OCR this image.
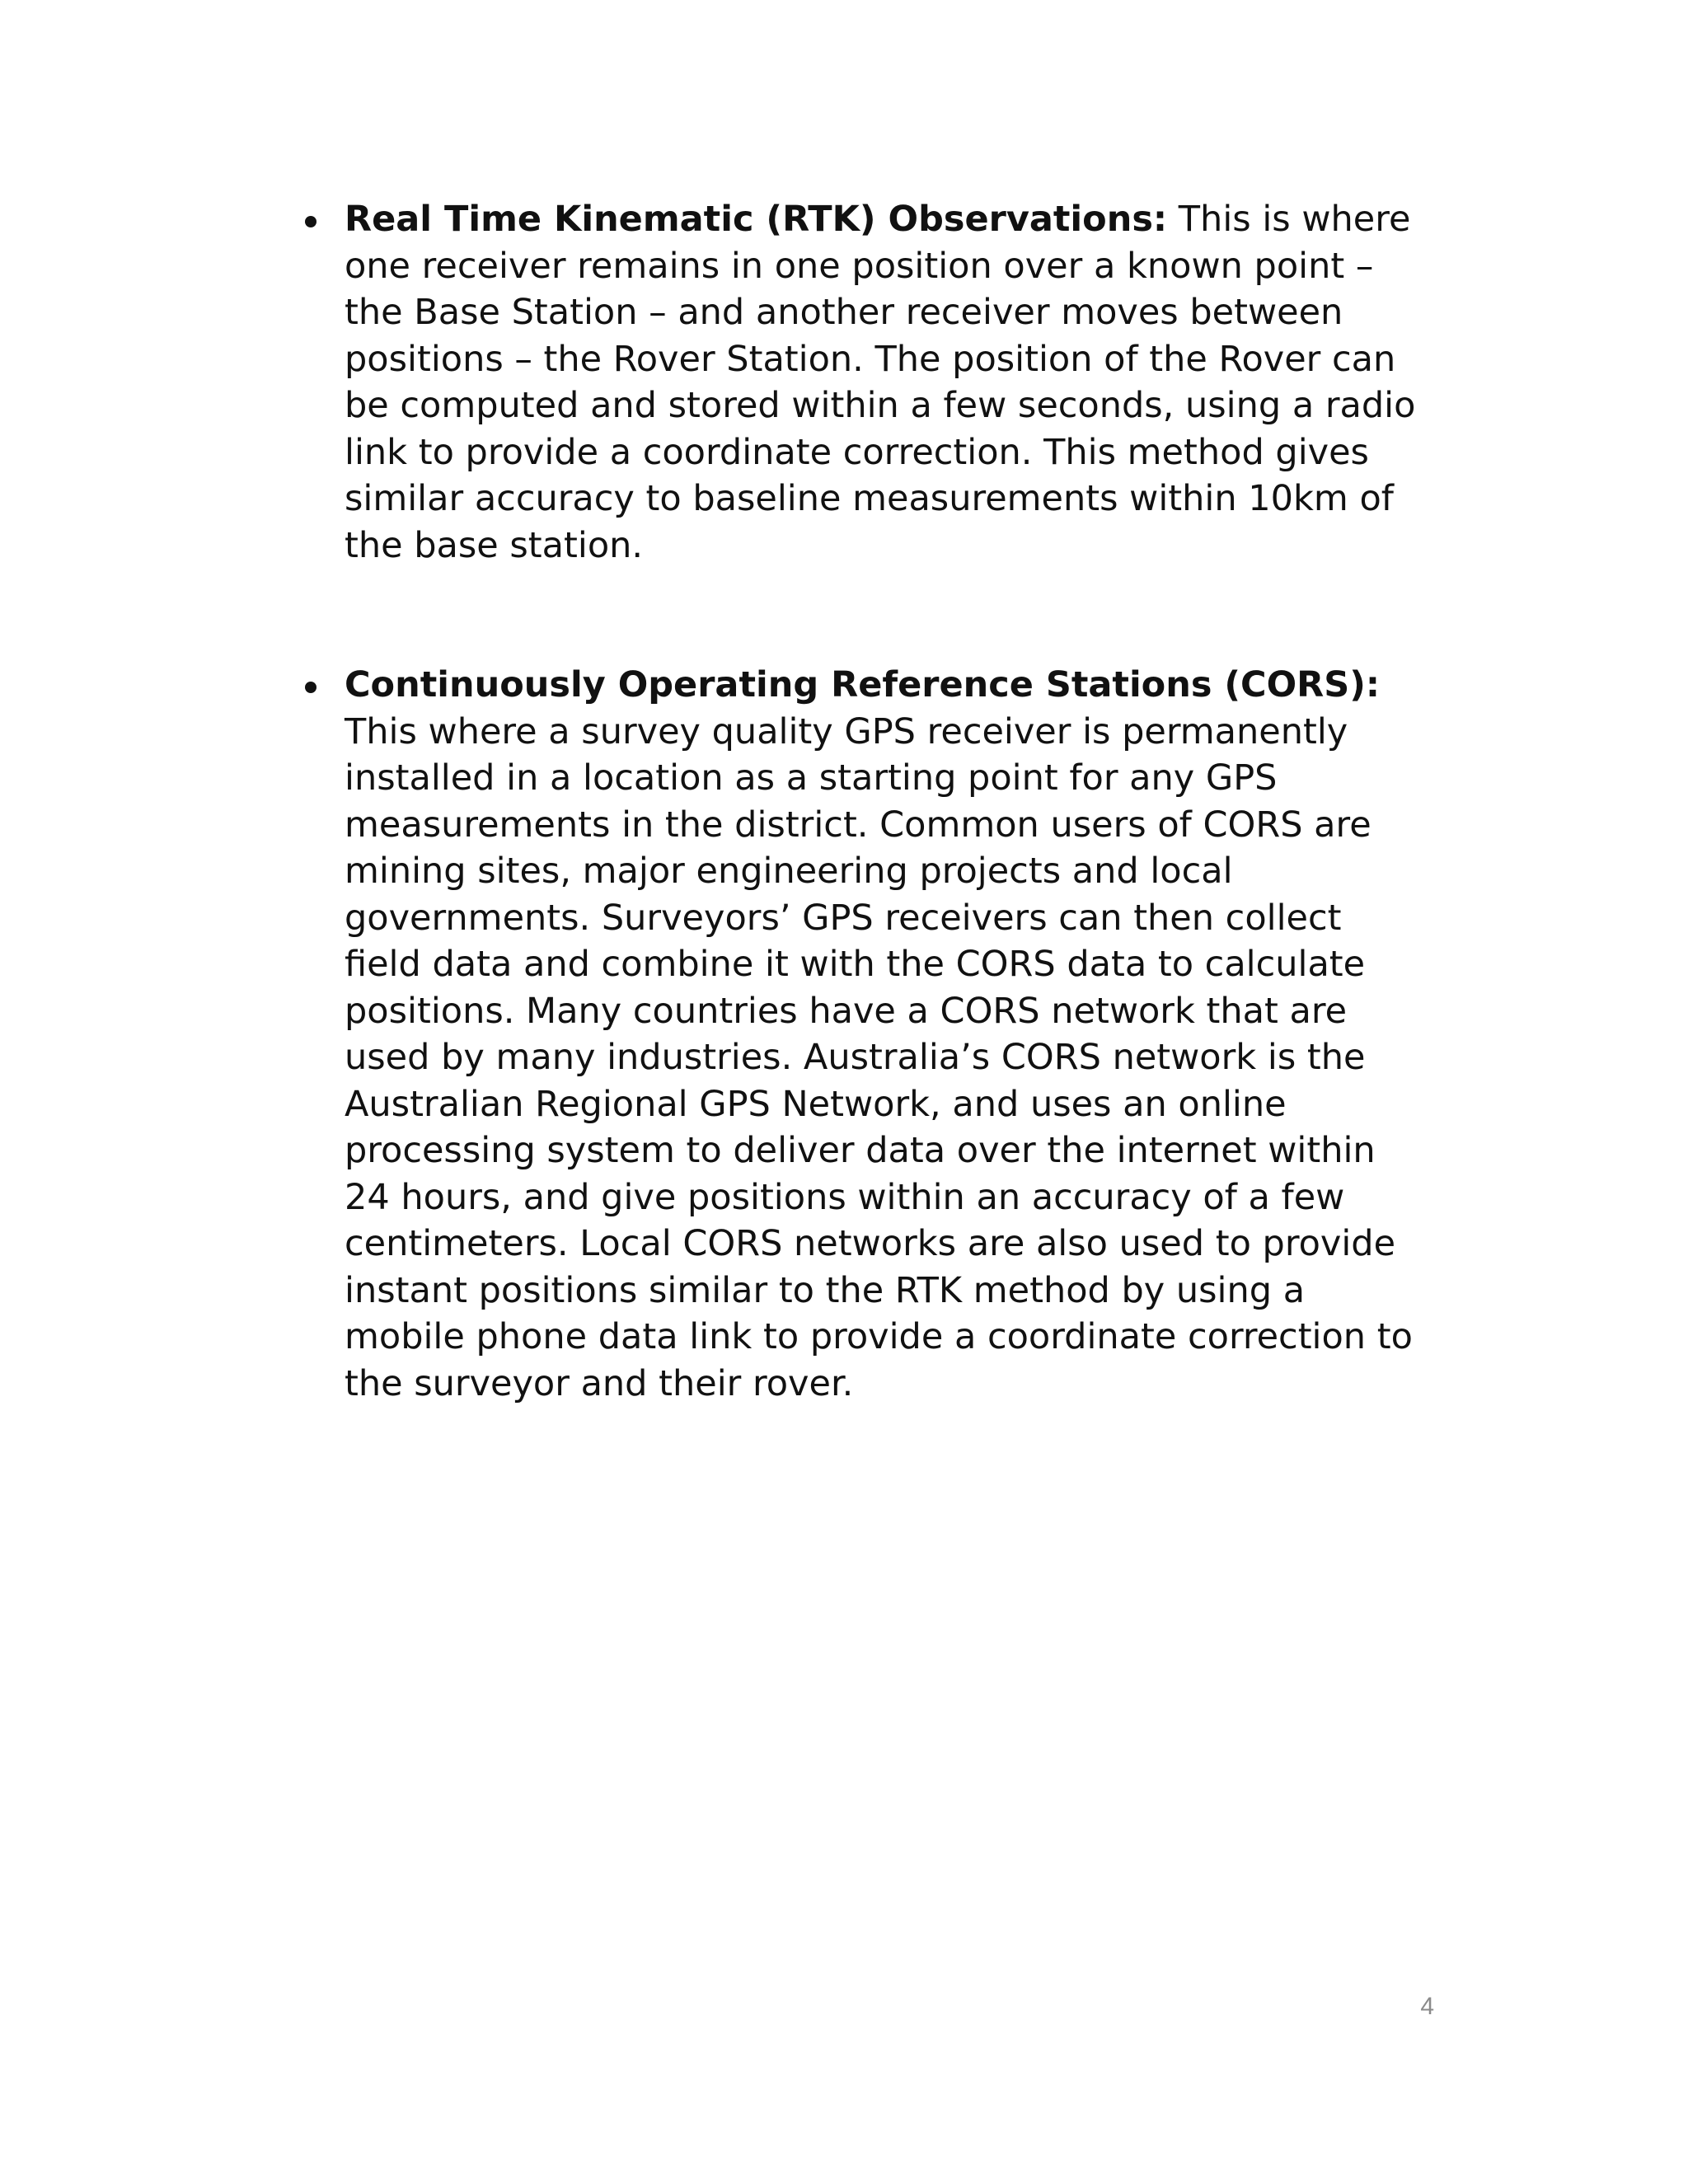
Real Time Kinematic (RTK) Observations: This is where one receiver remains in one position over a known point – the Base Station – and another receiver moves between positions – the Rover Station. The position of the Rover can be computed and stored within a few seconds, using a radio link to provide a coordinate correction. This method gives similar accuracy to baseline measurements within 10km of the base station.
Continuously Operating Reference Stations (CORS): This where a survey quality GPS receiver is permanently installed in a location as a starting point for any GPS measurements in the district. Common users of CORS are mining sites, major engineering projects and local governments. Surveyors’ GPS receivers can then collect field data and combine it with the CORS data to calculate positions. Many countries have a CORS network that are used by many industries. Australia’s CORS network is the Australian Regional GPS Network, and uses an online processing system to deliver data over the internet within 24 hours, and give positions within an accuracy of a few centimeters. Local CORS networks are also used to provide instant positions similar to the RTK method by using a mobile phone data link to provide a coordinate correction to the surveyor and their rover.
4
